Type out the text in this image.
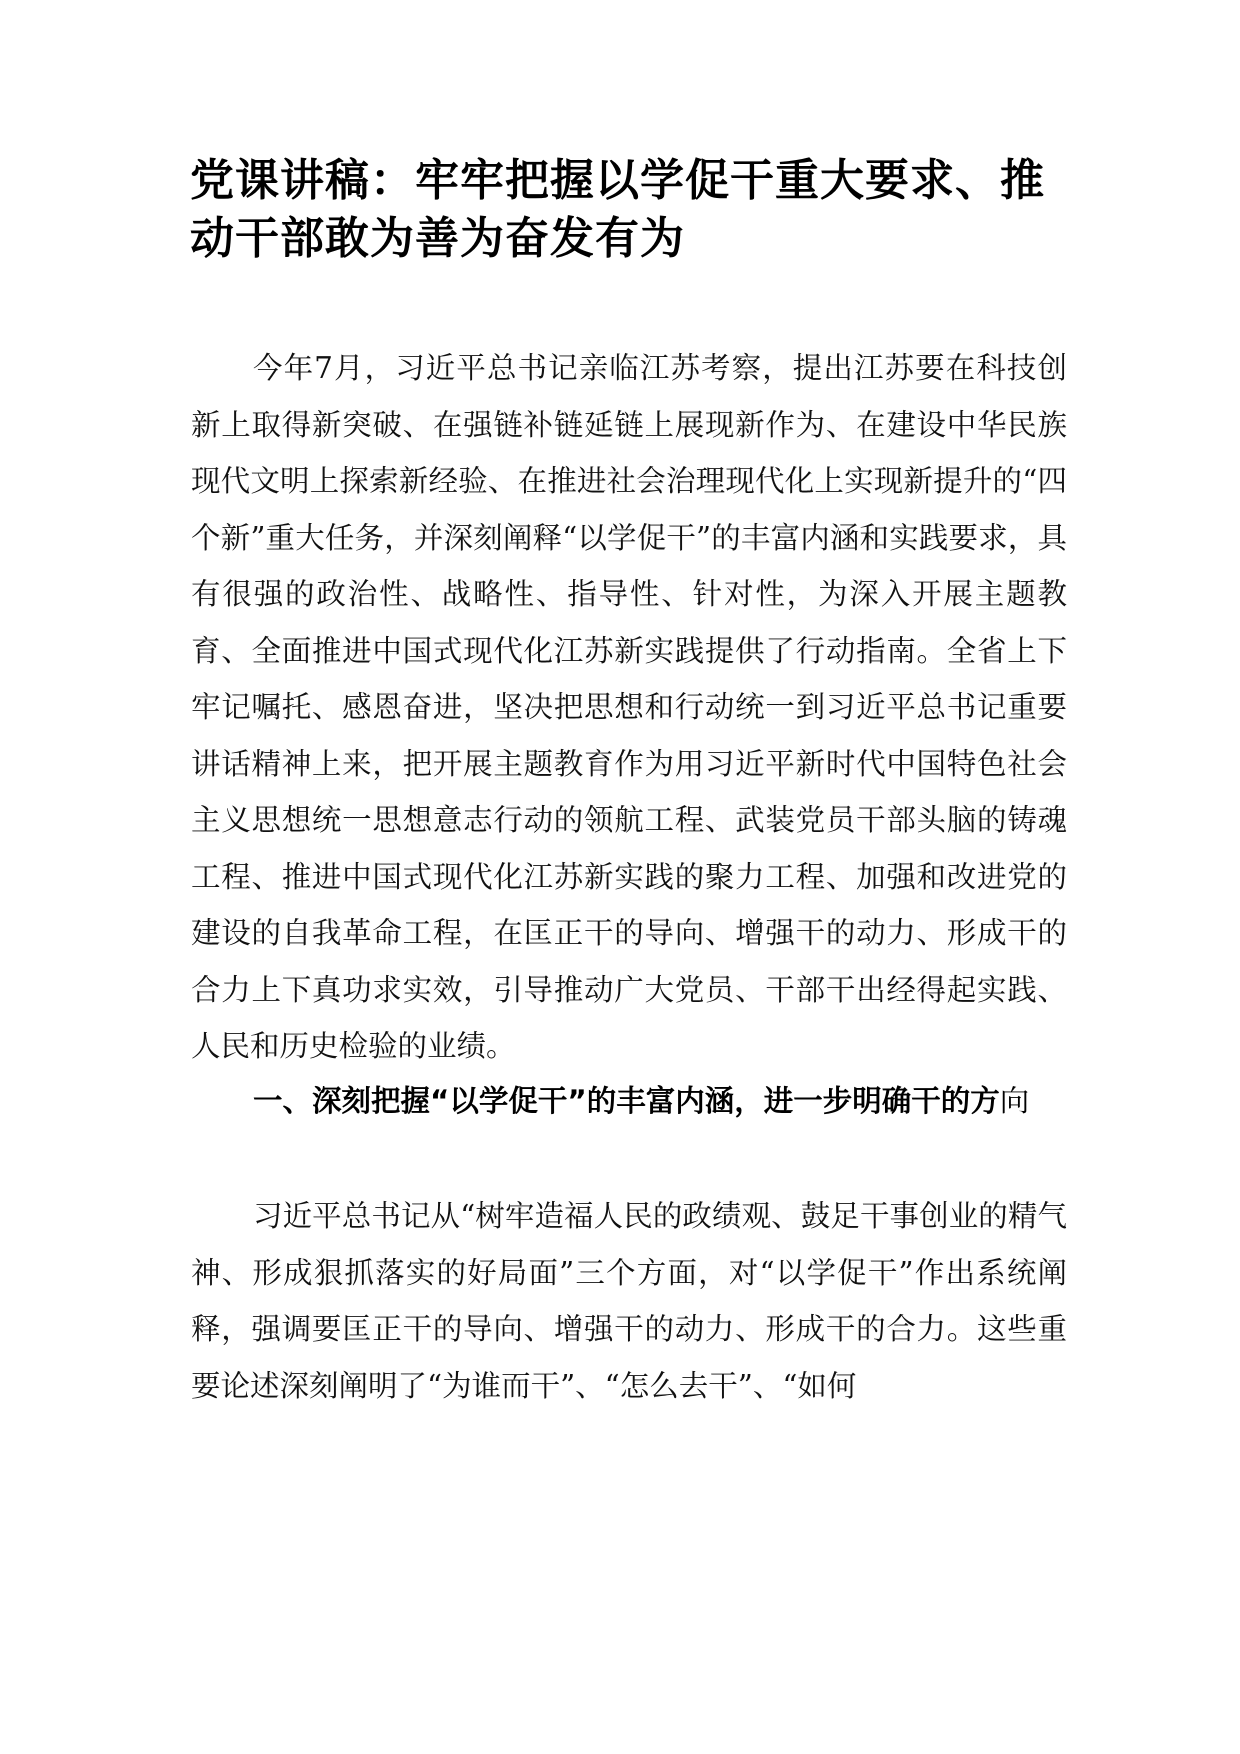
党课讲稿：牢牢把握以学促干重大要求、推动干部敢为善为奋发有为

今年7月，习近平总书记亲临江苏考察，提出江苏要在科技创新上取得新突破、在强链补链延链上展现新作为、在建设中华民族现代文明上探索新经验、在推进社会治理现代化上实现新提升的“四个新”重大任务，并深刻阐释“以学促干”的丰富内涵和实践要求，具有很强的政治性、战略性、指导性、针对性，为深入开展主题教育、全面推进中国式现代化江苏新实践提供了行动指南。全省上下牢记嘱托、感恩奋进，坚决把思想和行动统一到习近平总书记重要讲话精神上来，把开展主题教育作为用习近平新时代中国特色社会主义思想统一思想意志行动的领航工程、武装党员干部头脑的铸魂工程、推进中国式现代化江苏新实践的聚力工程、加强和改进党的建设的自我革命工程，在匡正干的导向、增强干的动力、形成干的合力上下真功求实效，引导推动广大党员、干部干出经得起实践、人民和历史检验的业绩。

一、深刻把握“以学促干”的丰富内涵，进一步明确干的方向

习近平总书记从“树牢造福人民的政绩观、鼓足干事创业的精气神、形成狠抓落实的好局面”三个方面，对“以学促干”作出系统阐释，强调要匡正干的导向、增强干的动力、形成干的合力。这些重要论述深刻阐明了“为谁而干”、“怎么去干”、“如何
